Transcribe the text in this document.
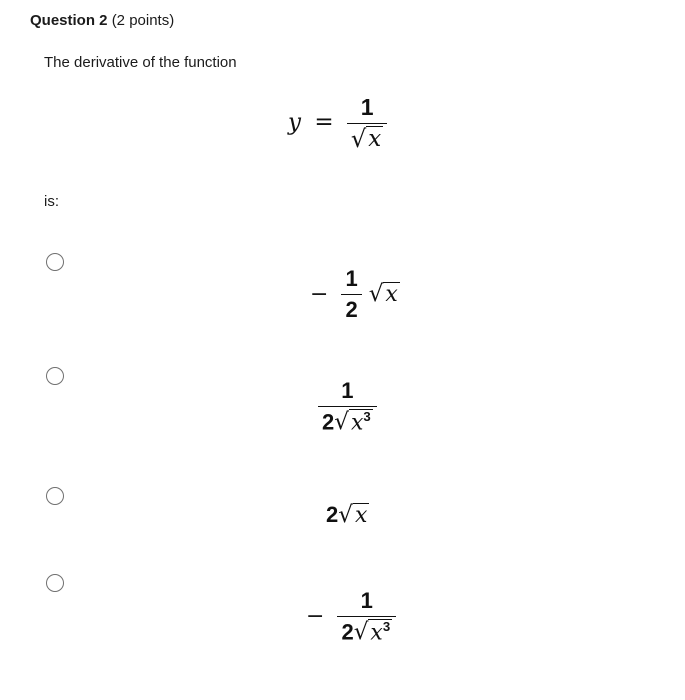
Question 2 (2 points)
The derivative of the function
$y = \frac{1}{√ x}$
is:
− $\frac{1}{2}$
√ x
$\frac{1}{2 √ x^3}$
2 √ x
− $\frac{1}{2 √ x^3}$
